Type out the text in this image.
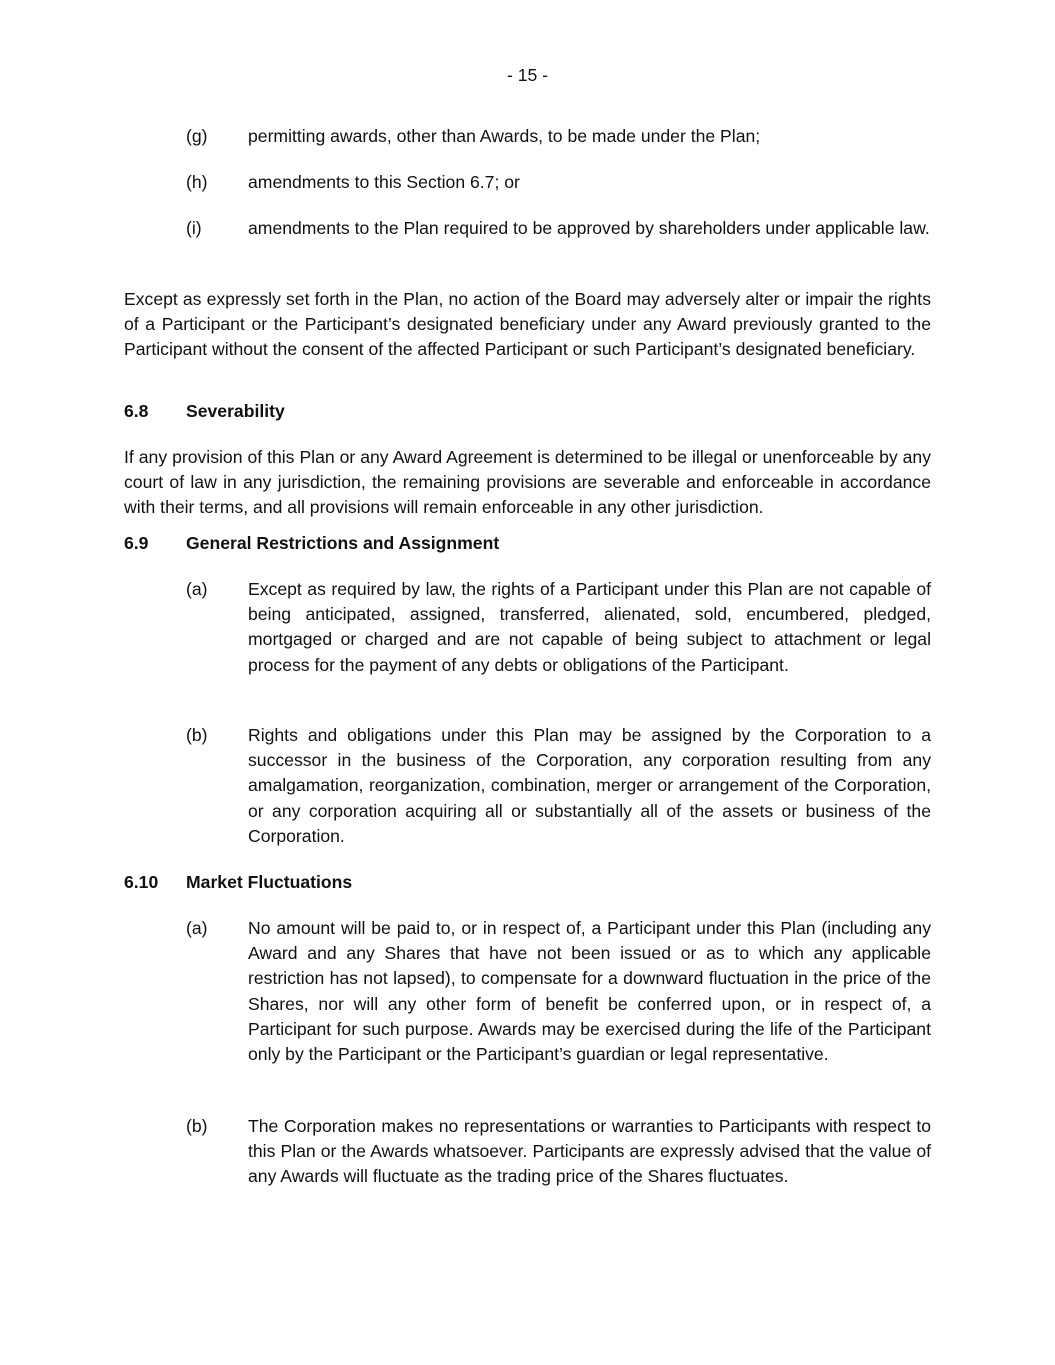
- 15 -
(g)	permitting awards, other than Awards, to be made under the Plan;
(h)	amendments to this Section 6.7; or
(i)	amendments to the Plan required to be approved by shareholders under applicable law.
Except as expressly set forth in the Plan, no action of the Board may adversely alter or impair the rights of a Participant or the Participant’s designated beneficiary under any Award previously granted to the Participant without the consent of the affected Participant or such Participant’s designated beneficiary.
6.8 Severability
If any provision of this Plan or any Award Agreement is determined to be illegal or unenforceable by any court of law in any jurisdiction, the remaining provisions are severable and enforceable in accordance with their terms, and all provisions will remain enforceable in any other jurisdiction.
6.9 General Restrictions and Assignment
(a)	Except as required by law, the rights of a Participant under this Plan are not capable of being anticipated, assigned, transferred, alienated, sold, encumbered, pledged, mortgaged or charged and are not capable of being subject to attachment or legal process for the payment of any debts or obligations of the Participant.
(b)	Rights and obligations under this Plan may be assigned by the Corporation to a successor in the business of the Corporation, any corporation resulting from any amalgamation, reorganization, combination, merger or arrangement of the Corporation, or any corporation acquiring all or substantially all of the assets or business of the Corporation.
6.10 Market Fluctuations
(a)	No amount will be paid to, or in respect of, a Participant under this Plan (including any Award and any Shares that have not been issued or as to which any applicable restriction has not lapsed), to compensate for a downward fluctuation in the price of the Shares, nor will any other form of benefit be conferred upon, or in respect of, a Participant for such purpose. Awards may be exercised during the life of the Participant only by the Participant or the Participant’s guardian or legal representative.
(b)	The Corporation makes no representations or warranties to Participants with respect to this Plan or the Awards whatsoever. Participants are expressly advised that the value of any Awards will fluctuate as the trading price of the Shares fluctuates.
